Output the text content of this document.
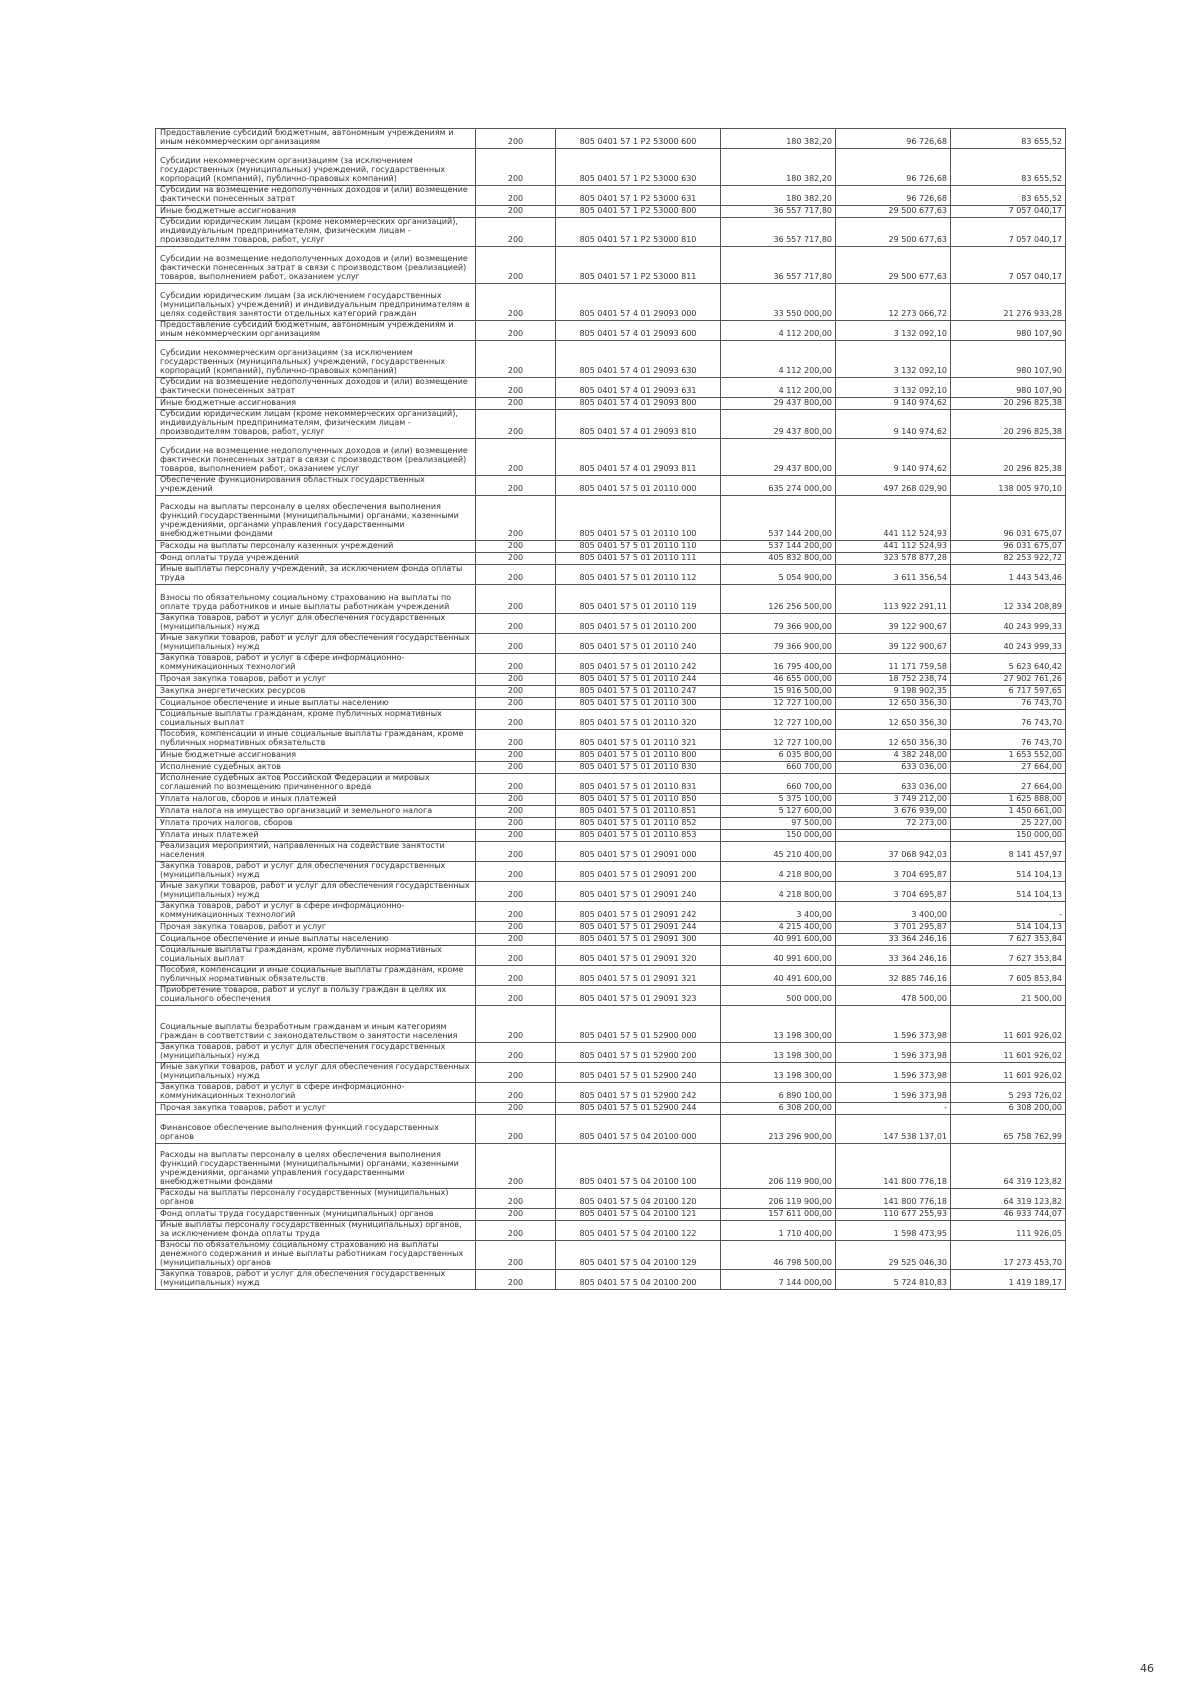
Предоставление субсидий бюджетным, автономным учреждениям и иным некоммерческим организациям	200	805 0401 57 1 Р2 53000 600	180 382,20	96 726,68	83 655,52
Субсидии некоммерческим организациям (за исключением государственных (муниципальных) учреждений, государственных корпораций (компаний), публично-правовых компаний)	200	805 0401 57 1 Р2 53000 630	180 382,20	96 726,68	83 655,52
Субсидии на возмещение недополученных доходов и (или) возмещение фактически понесенных затрат	200	805 0401 57 1 Р2 53000 631	180 382,20	96 726,68	83 655,52
Иные бюджетные ассигнования	200	805 0401 57 1 Р2 53000 800	36 557 717,80	29 500 677,63	7 057 040,17
Субсидии юридическим лицам (кроме некоммерческих организаций), индивидуальным предпринимателям, физическим лицам - производителям товаров, работ, услуг	200	805 0401 57 1 Р2 53000 810	36 557 717,80	29 500 677,63	7 057 040,17
Субсидии на возмещение недополученных доходов и (или) возмещение фактически понесенных затрат в связи с производством (реализацией) товаров, выполнением работ, оказанием услуг	200	805 0401 57 1 Р2 53000 811	36 557 717,80	29 500 677,63	7 057 040,17
Субсидии юридическим лицам (за исключением государственных (муниципальных) учреждений) и индивидуальным предпринимателям в целях содействия занятости отдельных категорий граждан	200	805 0401 57 4 01 29093 000	33 550 000,00	12 273 066,72	21 276 933,28
Предоставление субсидий бюджетным, автономным учреждениям и иным некоммерческим организациям	200	805 0401 57 4 01 29093 600	4 112 200,00	3 132 092,10	980 107,90
Субсидии некоммерческим организациям (за исключением государственных (муниципальных) учреждений, государственных корпораций (компаний), публично-правовых компаний)	200	805 0401 57 4 01 29093 630	4 112 200,00	3 132 092,10	980 107,90
Субсидии на возмещение недополученных доходов и (или) возмещение фактически понесенных затрат	200	805 0401 57 4 01 29093 631	4 112 200,00	3 132 092,10	980 107,90
Иные бюджетные ассигнования	200	805 0401 57 4 01 29093 800	29 437 800,00	9 140 974,62	20 296 825,38
Субсидии юридическим лицам (кроме некоммерческих организаций), индивидуальным предпринимателям, физическим лицам - производителям товаров, работ, услуг	200	805 0401 57 4 01 29093 810	29 437 800,00	9 140 974,62	20 296 825,38
Субсидии на возмещение недополученных доходов и (или) возмещение фактически понесенных затрат в связи с производством (реализацией) товаров, выполнением работ, оказанием услуг	200	805 0401 57 4 01 29093 811	29 437 800,00	9 140 974,62	20 296 825,38
Обеспечение функционирования областных государственных учреждений	200	805 0401 57 5 01 20110 000	635 274 000,00	497 268 029,90	138 005 970,10
Расходы на выплаты персоналу в целях обеспечения выполнения функций государственными (муниципальными) органами, казенными учреждениями, органами управления государственными внебюджетными фондами	200	805 0401 57 5 01 20110 100	537 144 200,00	441 112 524,93	96 031 675,07
Расходы на выплаты персоналу казенных учреждений	200	805 0401 57 5 01 20110 110	537 144 200,00	441 112 524,93	96 031 675,07
Фонд оплаты труда учреждений	200	805 0401 57 5 01 20110 111	405 832 800,00	323 578 877,28	82 253 922,72
Иные выплаты персоналу учреждений, за исключением фонда оплаты труда	200	805 0401 57 5 01 20110 112	5 054 900,00	3 611 356,54	1 443 543,46
Взносы по обязательному социальному страхованию на выплаты по оплате труда работников и иные выплаты работникам учреждений	200	805 0401 57 5 01 20110 119	126 256 500,00	113 922 291,11	12 334 208,89
Закупка товаров, работ и услуг для обеспечения государственных (муниципальных) нужд	200	805 0401 57 5 01 20110 200	79 366 900,00	39 122 900,67	40 243 999,33
Иные закупки товаров, работ и услуг для обеспечения государственных (муниципальных) нужд	200	805 0401 57 5 01 20110 240	79 366 900,00	39 122 900,67	40 243 999,33
Закупка товаров, работ и услуг в сфере информационно-коммуникационных технологий	200	805 0401 57 5 01 20110 242	16 795 400,00	11 171 759,58	5 623 640,42
Прочая закупка товаров, работ и услуг	200	805 0401 57 5 01 20110 244	46 655 000,00	18 752 238,74	27 902 761,26
Закупка энергетических ресурсов	200	805 0401 57 5 01 20110 247	15 916 500,00	9 198 902,35	6 717 597,65
Социальное обеспечение и иные выплаты населению	200	805 0401 57 5 01 20110 300	12 727 100,00	12 650 356,30	76 743,70
Социальные выплаты гражданам, кроме публичных нормативных социальных выплат	200	805 0401 57 5 01 20110 320	12 727 100,00	12 650 356,30	76 743,70
Пособия, компенсации и иные социальные выплаты гражданам, кроме публичных нормативных обязательств	200	805 0401 57 5 01 20110 321	12 727 100,00	12 650 356,30	76 743,70
Иные бюджетные ассигнования	200	805 0401 57 5 01 20110 800	6 035 800,00	4 382 248,00	1 653 552,00
Исполнение судебных актов	200	805 0401 57 5 01 20110 830	660 700,00	633 036,00	27 664,00
Исполнение судебных актов Российской Федерации и мировых соглашений по возмещению причиненного вреда	200	805 0401 57 5 01 20110 831	660 700,00	633 036,00	27 664,00
Уплата налогов, сборов и иных платежей	200	805 0401 57 5 01 20110 850	5 375 100,00	3 749 212,00	1 625 888,00
Уплата налога на имущество организаций и земельного налога	200	805 0401 57 5 01 20110 851	5 127 600,00	3 676 939,00	1 450 661,00
Уплата прочих налогов, сборов	200	805 0401 57 5 01 20110 852	97 500,00	72 273,00	25 227,00
Уплата иных платежей	200	805 0401 57 5 01 20110 853	150 000,00		150 000,00
Реализация мероприятий, направленных на содействие занятости населения	200	805 0401 57 5 01 29091 000	45 210 400,00	37 068 942,03	8 141 457,97
Закупка товаров, работ и услуг для обеспечения государственных (муниципальных) нужд	200	805 0401 57 5 01 29091 200	4 218 800,00	3 704 695,87	514 104,13
Иные закупки товаров, работ и услуг для обеспечения государственных (муниципальных) нужд	200	805 0401 57 5 01 29091 240	4 218 800,00	3 704 695,87	514 104,13
Закупка товаров, работ и услуг в сфере информационно-коммуникационных технологий	200	805 0401 57 5 01 29091 242	3 400,00	3 400,00	-
Прочая закупка товаров, работ и услуг	200	805 0401 57 5 01 29091 244	4 215 400,00	3 701 295,87	514 104,13
Социальное обеспечение и иные выплаты населению	200	805 0401 57 5 01 29091 300	40 991 600,00	33 364 246,16	7 627 353,84
Социальные выплаты гражданам, кроме публичных нормативных социальных выплат	200	805 0401 57 5 01 29091 320	40 991 600,00	33 364 246,16	7 627 353,84
Пособия, компенсации и иные социальные выплаты гражданам, кроме публичных нормативных обязательств	200	805 0401 57 5 01 29091 321	40 491 600,00	32 885 746,16	7 605 853,84
Приобретение товаров, работ и услуг в пользу граждан в целях их социального обеспечения	200	805 0401 57 5 01 29091 323	500 000,00	478 500,00	21 500,00
Социальные выплаты безработным гражданам и иным категориям граждан в соответствии с законодательством о занятости населения	200	805 0401 57 5 01 52900 000	13 198 300,00	1 596 373,98	11 601 926,02
Закупка товаров, работ и услуг для обеспечения государственных (муниципальных) нужд	200	805 0401 57 5 01 52900 200	13 198 300,00	1 596 373,98	11 601 926,02
Иные закупки товаров, работ и услуг для обеспечения государственных (муниципальных) нужд	200	805 0401 57 5 01 52900 240	13 198 300,00	1 596 373,98	11 601 926,02
Закупка товаров, работ и услуг в сфере информационно-коммуникационных технологий	200	805 0401 57 5 01 52900 242	6 890 100,00	1 596 373,98	5 293 726,02
Прочая закупка товаров, работ и услуг	200	805 0401 57 5 01 52900 244	6 308 200,00	-	6 308 200,00
Финансовое обеспечение выполнения функций государственных органов	200	805 0401 57 5 04 20100 000	213 296 900,00	147 538 137,01	65 758 762,99
Расходы на выплаты персоналу в целях обеспечения выполнения функций государственными (муниципальными) органами, казенными учреждениями, органами управления государственными внебюджетными фондами	200	805 0401 57 5 04 20100 100	206 119 900,00	141 800 776,18	64 319 123,82
Расходы на выплаты персоналу государственных (муниципальных) органов	200	805 0401 57 5 04 20100 120	206 119 900,00	141 800 776,18	64 319 123,82
Фонд оплаты труда государственных (муниципальных) органов	200	805 0401 57 5 04 20100 121	157 611 000,00	110 677 255,93	46 933 744,07
Иные выплаты персоналу государственных (муниципальных) органов, за исключением фонда оплаты труда	200	805 0401 57 5 04 20100 122	1 710 400,00	1 598 473,95	111 926,05
Взносы по обязательному социальному страхованию на выплаты денежного содержания и иные выплаты работникам государственных (муниципальных) органов	200	805 0401 57 5 04 20100 129	46 798 500,00	29 525 046,30	17 273 453,70
Закупка товаров, работ и услуг для обеспечения государственных (муниципальных) нужд	200	805 0401 57 5 04 20100 200	7 144 000,00	5 724 810,83	1 419 189,17
46
